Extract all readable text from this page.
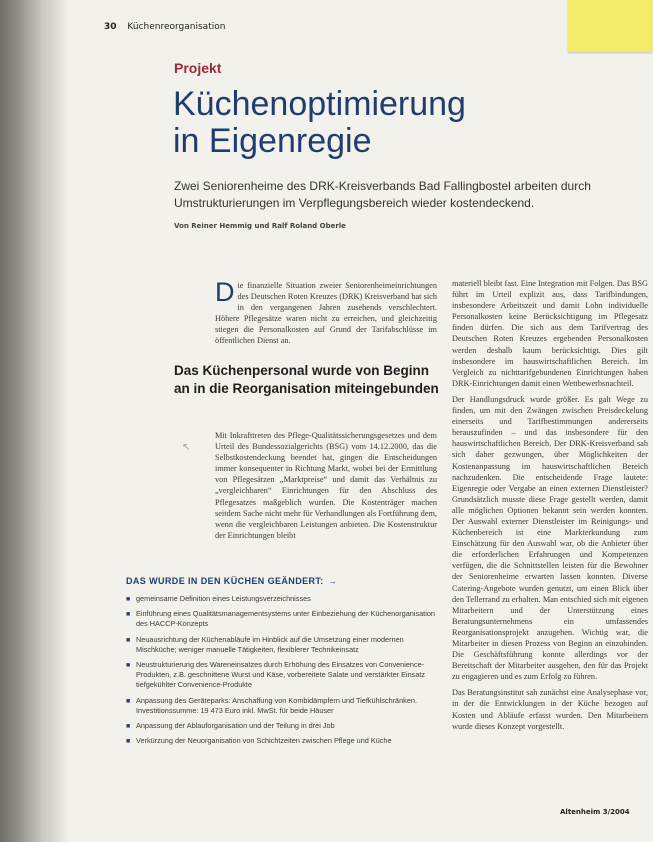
30 Küchenreorganisation
Projekt
Küchenoptimierung
in Eigenregie
Zwei Seniorenheime des DRK-Kreisverbands Bad Fallingbostel arbeiten durch Umstrukturierungen im Verpflegungsbereich wieder kostendeckend.
Von Reiner Hemmig und Ralf Roland Oberle
Die finanzielle Situation zweier Seniorenheimeinrichtungen des Deutschen Roten Kreuzes (DRK) Kreisverband hat sich in den vergangenen Jahren zusehends verschlechtert. Höhere Pflegesätze waren nicht zu erreichen, und gleichzeitig stiegen die Personalkosten auf Grund der Tarifabschlüsse im öffentlichen Dienst an.
Das Küchenpersonal wurde von Beginn an in die Reorganisation miteingebunden
↖
Mit Inkrafttreten des Pflege-Qualitätssicherungsgesetzes und dem Urteil des Bundessozialgerichts (BSG) vom 14.12.2000, das die Selbstkostendeckung beendet hat, gingen die Entscheidungen immer konsequenter in Richtung Markt, wobei bei der Ermittlung von Pflegesätzen „Marktpreise“ und damit das Verhältnis zu „vergleichbaren“ Einrichtungen für den Abschluss des Pflegesatzes maßgeblich wurden. Die Kostenträger machen seitdem Sache nicht mehr für Verhandlungen als Fortführung dem, wenn die vergleichbaren Leistungen anbieten. Die Kostenstruktur der Einrichtungen bleibt
DAS WURDE IN DEN KÜCHEN GEÄNDERT: →
■ gemeinsame Definition eines Leistungsverzeichnisses
■ Einführung eines Qualitätsmanagementsystems unter Einbeziehung der Küchenorganisation des HACCP-Konzepts
■ Neuausrichtung der Küchenabläufe im Hinblick auf die Umsetzung einer modernen Mischküche; weniger manuelle Tätigkeiten, flexiblerer Technikeinsatz
■ Neustrukturierung des Wareneinsatzes durch Erhöhung des Einsatzes von Convenience-Produkten, z.B. geschnittene Wurst und Käse, vorbereitete Salate und verstärkter Einsatz tiefgekühlter Convenience-Produkte
■ Anpassung des Geräteparks: Anschaffung von Kombidämpfern und Tiefkühlschränken. Investitionssumme: 19 473 Euro inkl. MwSt. für beide Häuser
■ Anpassung der Ablauforganisation und der Teilung in drei Job
■ Verkürzung der Neuorganisation von Schichtzeiten zwischen Pflege und Küche

materiell bleibt fast. Eine Integration mit Folgen. Das BSG führt im Urteil explizit aus, dass Tarifbindungen, insbesondere Arbeitszeit und damit Lohn individuelle Personalkosten keine Berücksichtigung im Pflegesatz finden dürfen. Die sich aus dem Tarifvertrag des Deutschen Roten Kreuzes ergebenden Personalkosten werden deshalb kaum berücksichtigt. Dies gilt insbesondere im hauswirtschaftlichen Bereich. Im Vergleich zu nichttarifgebundenen Einrichtungen haben DRK-Einrichtungen damit einen Wettbewerbsnachteil.

Der Handlungsdruck wurde größer. Es galt Wege zu finden, um mit den Zwängen zwischen Preisdeckelung einerseits und Tarifbestimmungen andererseits herauszufinden – und das insbesondere für den hauswirtschaftlichen Bereich. Der DRK-Kreisverband sah sich daher gezwungen, über Möglichkeiten der Kostenanpassung im hauswirtschaftlichen Bereich nachzudenken. Die entscheidende Frage lautete: Eigenregie oder Vergabe an einen externen Dienstleister? Grundsätzlich musste diese Frage gestellt werden, damit alle möglichen Optionen bekannt sein werden konnten. Der Auswahl externer Dienstleister im Reinigungs- und Küchenbereich ist eine Markterkundung zum Einschätzung für den Auswahl war, ob die Anbieter über die erforderlichen Erfahrungen und Kompetenzen verfügen, die die Schnittstellen leisten für die Bewohner der Seniorenheime erwarten lassen konnten. Diverse Catering-Angebote wurden genutzt, um einen Blick über den Tellerrand zu erhalten. Man entschied sich mit eigenen Mitarbeitern und der Unterstützung eines Beratungsunternehmens ein umfassendes Reorganisationsprojekt anzugehen. Wichtig war, die Mitarbeiter in diesen Prozess von Beginn an einzubinden. Die Geschäftsführung konnte allerdings vor der Bereitschaft der Mitarbeiter ausgehen, den für das Projekt zu engagieren und es zum Erfolg zu führen.

Das Beratungsinstitut sah zunächst eine Analysephase vor, in der die Entwicklungen in der Küche bezogen auf Kosten und Abläufe erfasst wurden. Den Mitarbeitern wurde dieses Konzept vorgestellt.

Altenheim 3/2004
